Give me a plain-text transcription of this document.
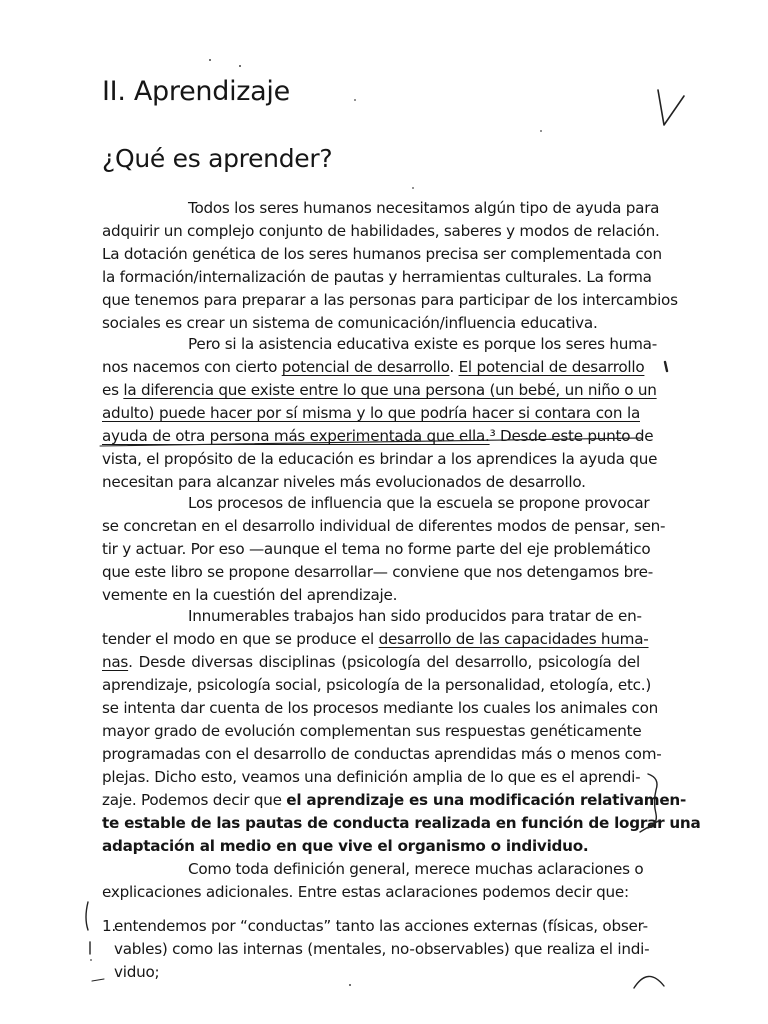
II. Aprendizaje
¿Qué es aprender?
Todos los seres humanos necesitamos algún tipo de ayuda para
adquirir un complejo conjunto de habilidades, saberes y modos de relación.
La dotación genética de los seres humanos precisa ser complementada con
la formación/internalización de pautas y herramientas culturales. La forma
que tenemos para preparar a las personas para participar de los intercambios
sociales es crear un sistema de comunicación/influencia educativa.
Pero si la asistencia educativa existe es porque los seres huma-
nos nacemos con cierto potencial de desarrollo. El potencial de desarrollo
es la diferencia que existe entre lo que una persona (un bebé, un niño o un
adulto) puede hacer por sí misma y lo que podría hacer si contara con la
ayuda de otra persona más experimentada que ella.³ Desde este punto de
vista, el propósito de la educación es brindar a los aprendices la ayuda que
necesitan para alcanzar niveles más evolucionados de desarrollo.
Los procesos de influencia que la escuela se propone provocar
se concretan en el desarrollo individual de diferentes modos de pensar, sen-
tir y actuar. Por eso —aunque el tema no forme parte del eje problemático
que este libro se propone desarrollar— conviene que nos detengamos bre-
vemente en la cuestión del aprendizaje.
Innumerables trabajos han sido producidos para tratar de en-
tender el modo en que se produce el desarrollo de las capacidades huma-
nas. Desde diversas disciplinas (psicología del desarrollo, psicología del
aprendizaje, psicología social, psicología de la personalidad, etología, etc.)
se intenta dar cuenta de los procesos mediante los cuales los animales con
mayor grado de evolución complementan sus respuestas genéticamente
programadas con el desarrollo de conductas aprendidas más o menos com-
plejas. Dicho esto, veamos una definición amplia de lo que es el aprendi-
zaje. Podemos decir que el aprendizaje es una modificación relativamen-
te estable de las pautas de conducta realizada en función de lograr una
adaptación al medio en que vive el organismo o individuo.
Como toda definición general, merece muchas aclaraciones o
explicaciones adicionales. Entre estas aclaraciones podemos decir que:
1.
entendemos por “conductas” tanto las acciones externas (físicas, obser-
vables) como las internas (mentales, no-observables) que realiza el indi-
viduo;
